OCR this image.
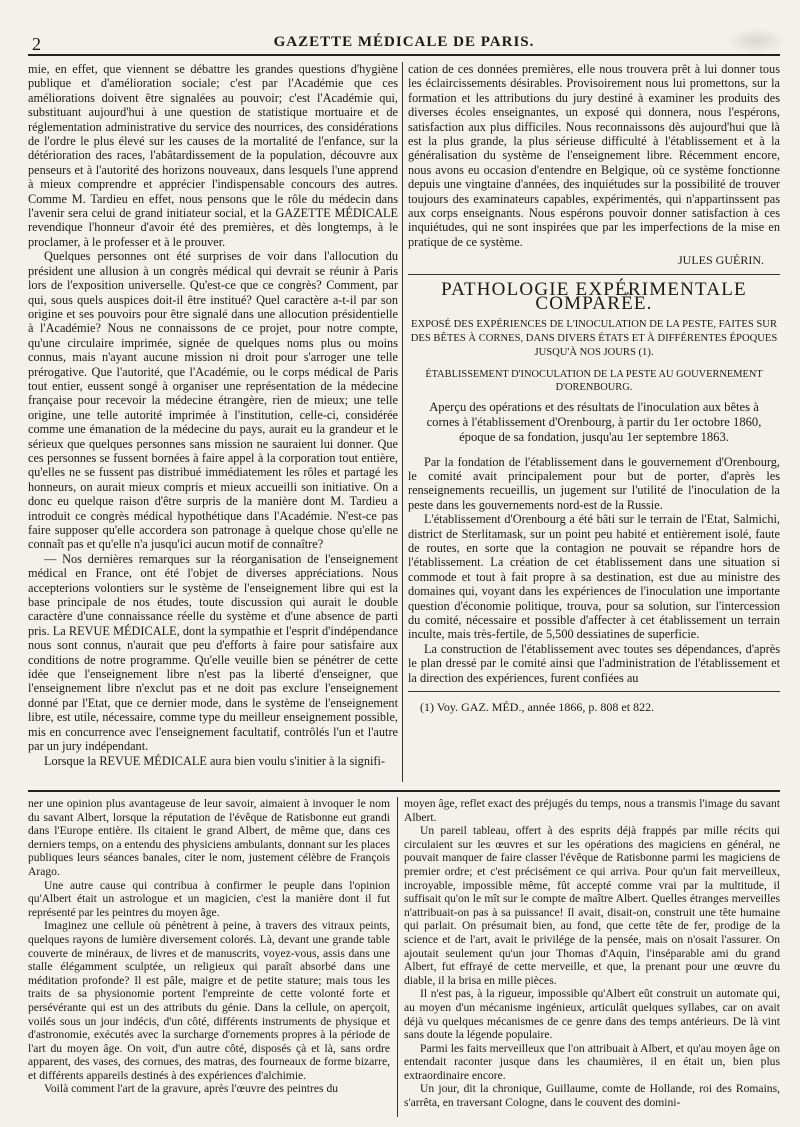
2	GAZETTE MÉDICALE DE PARIS.

mie, en effet, que viennent se débattre les grandes questions d'hygiène publique et d'amélioration sociale; c'est par l'Académie que ces améliorations doivent être signalées au pouvoir; c'est l'Académie qui, substituant aujourd'hui à une question de statistique mortuaire et de réglementation administrative du service des nourrices, des considérations de l'ordre le plus élevé sur les causes de la mortalité de l'enfance, sur la détérioration des races, l'abâtardissement de la population, découvre aux penseurs et à l'autorité des horizons nouveaux, dans lesquels l'une apprend à mieux comprendre et apprécier l'indispensable concours des autres. Comme M. Tardieu en effet, nous pensons que le rôle du médecin dans l'avenir sera celui de grand initiateur social, et la GAZETTE MÉDICALE revendique l'honneur d'avoir été des premières, et dès longtemps, à le proclamer, à le professer et à le prouver.

Quelques personnes ont été surprises de voir dans l'allocution du président une allusion à un congrès médical qui devrait se réunir à Paris lors de l'exposition universelle. Qu'est-ce que ce congrès? Comment, par qui, sous quels auspices doit-il être institué? Quel caractère a-t-il par son origine et ses pouvoirs pour être signalé dans une allocution présidentielle à l'Académie? Nous ne connaissons de ce projet, pour notre compte, qu'une circulaire imprimée, signée de quelques noms plus ou moins connus, mais n'ayant aucune mission ni droit pour s'arroger une telle prérogative. Que l'autorité, que l'Académie, ou le corps médical de Paris tout entier, eussent songé à organiser une représentation de la médecine française pour recevoir la médecine étrangère, rien de mieux; une telle origine, une telle autorité imprimée à l'institution, celle-ci, considérée comme une émanation de la médecine du pays, aurait eu la grandeur et le sérieux que quelques personnes sans mission ne sauraient lui donner. Que ces personnes se fussent bornées à faire appel à la corporation tout entière, qu'elles ne se fussent pas distribué immédiatement les rôles et partagé les honneurs, on aurait mieux compris et mieux accueilli son initiative. On a donc eu quelque raison d'être surpris de la manière dont M. Tardieu a introduit ce congrès médical hypothétique dans l'Académie. N'est-ce pas faire supposer qu'elle accordera son patronage à quelque chose qu'elle ne connaît pas et qu'elle n'a jusqu'ici aucun motif de connaître?

— Nos dernières remarques sur la réorganisation de l'enseignement médical en France, ont été l'objet de diverses appréciations. Nous accepterions volontiers sur le système de l'enseignement libre qui est la base principale de nos études, toute discussion qui aurait le double caractère d'une connaissance réelle du système et d'une absence de parti pris. La REVUE MÉDICALE, dont la sympathie et l'esprit d'indépendance nous sont connus, n'aurait que peu d'efforts à faire pour satisfaire aux conditions de notre programme. Qu'elle veuille bien se pénétrer de cette idée que l'enseignement libre n'est pas la liberté d'enseigner, que l'enseignement libre n'exclut pas et ne doit pas exclure l'enseignement donné par l'Etat, que ce dernier mode, dans le système de l'enseignement libre, est utile, nécessaire, comme type du meilleur enseignement possible, mis en concurrence avec l'enseignement facultatif, contrôlés l'un et l'autre par un jury indépendant.

Lorsque la REVUE MÉDICALE aura bien voulu s'initier à la signifi-

cation de ces données premières, elle nous trouvera prêt à lui donner tous les éclaircissements désirables. Provisoirement nous lui promettons, sur la formation et les attributions du jury destiné à examiner les produits des diverses écoles enseignantes, un exposé qui donnera, nous l'espérons, satisfaction aux plus difficiles. Nous reconnaissons dès aujourd'hui que là est la plus grande, la plus sérieuse difficulté à l'établissement et à la généralisation du système de l'enseignement libre. Récemment encore, nous avons eu occasion d'entendre en Belgique, où ce système fonctionne depuis une vingtaine d'années, des inquiétudes sur la possibilité de trouver toujours des examinateurs capables, expérimentés, qui n'appartinssent pas aux corps enseignants. Nous espérons pouvoir donner satisfaction à ces inquiétudes, qui ne sont inspirées que par les imperfections de la mise en pratique de ce système.

JULES GUÉRIN.
PATHOLOGIE EXPÉRIMENTALE COMPARÉE.
EXPOSÉ DES EXPÉRIENCES DE L'INOCULATION DE LA PESTE, FAITES SUR DES BÊTES À CORNES, DANS DIVERS ÉTATS ET À DIFFÉRENTES ÉPOQUES JUSQU'À NOS JOURS (1).
ÉTABLISSEMENT D'INOCULATION DE LA PESTE AU GOUVERNEMENT D'ORENBOURG.
Aperçu des opérations et des résultats de l'inoculation aux bêtes à cornes à l'établissement d'Orenbourg, à partir du 1er octobre 1860, époque de sa fondation, jusqu'au 1er septembre 1863.

Par la fondation de l'établissement dans le gouvernement d'Orenbourg, le comité avait principalement pour but de porter, d'après les renseignements recueillis, un jugement sur l'utilité de l'inoculation de la peste dans les gouvernements nord-est de la Russie.

L'établissement d'Orenbourg a été bâti sur le terrain de l'Etat, Salmichi, district de Sterlitamask, sur un point peu habité et entièrement isolé, faute de routes, en sorte que la contagion ne pouvait se répandre hors de l'établissement. La création de cet établissement dans une situation si commode et tout à fait propre à sa destination, est due au ministre des domaines qui, voyant dans les expériences de l'inoculation une importante question d'économie politique, trouva, pour sa solution, sur l'intercession du comité, nécessaire et possible d'affecter à cet établissement un terrain inculte, mais très-fertile, de 5,500 dessiatines de superficie.

La construction de l'établissement avec toutes ses dépendances, d'après le plan dressé par le comité ainsi que l'administration de l'établissement et la direction des expériences, furent confiées au

(1) Voy. GAZ. MÉD., année 1866, p. 808 et 822.

ner une opinion plus avantageuse de leur savoir, aimaient à invoquer le nom du savant Albert, lorsque la réputation de l'évêque de Ratisbonne eut grandi dans l'Europe entière. Ils citaient le grand Albert, de même que, dans ces derniers temps, on a entendu des physiciens ambulants, donnant sur les places publiques leurs séances banales, citer le nom, justement célèbre de François Arago.

Une autre cause qui contribua à confirmer le peuple dans l'opinion qu'Albert était un astrologue et un magicien, c'est la manière dont il fut représenté par les peintres du moyen âge.

Imaginez une cellule où pénètrent à peine, à travers des vitraux peints, quelques rayons de lumière diversement colorés. Là, devant une grande table couverte de minéraux, de livres et de manuscrits, voyez-vous, assis dans une stalle élégamment sculptée, un religieux qui paraît absorbé dans une méditation profonde? Il est pâle, maigre et de petite stature; mais tous les traits de sa physionomie portent l'empreinte de cette volonté forte et persévérante qui est un des attributs du génie. Dans la cellule, on aperçoit, voilés sous un jour indécis, d'un côté, différents instruments de physique et d'astronomie, exécutés avec la surcharge d'ornements propres à la période de l'art du moyen âge. On voit, d'un autre côté, disposés çà et là, sans ordre apparent, des vases, des cornues, des matras, des fourneaux de forme bizarre, et différents appareils destinés à des expériences d'alchimie.

Voilà comment l'art de la gravure, après l'œuvre des peintres du

moyen âge, reflet exact des préjugés du temps, nous a transmis l'image du savant Albert.

Un pareil tableau, offert à des esprits déjà frappés par mille récits qui circulaient sur les œuvres et sur les opérations des magiciens en général, ne pouvait manquer de faire classer l'évêque de Ratisbonne parmi les magiciens de premier ordre; et c'est précisément ce qui arriva. Pour qu'un fait merveilleux, incroyable, impossible même, fût accepté comme vrai par la multitude, il suffisait qu'on le mît sur le compte de maître Albert. Quelles étranges merveilles n'attribuait-on pas à sa puissance! Il avait, disait-on, construit une tête humaine qui parlait. On présumait bien, au fond, que cette tête de fer, prodige de la science et de l'art, avait le privilége de la pensée, mais on n'osait l'assurer. On ajoutait seulement qu'un jour Thomas d'Aquin, l'inséparable ami du grand Albert, fut effrayé de cette merveille, et que, la prenant pour une œuvre du diable, il la brisa en mille pièces.

Il n'est pas, à la rigueur, impossible qu'Albert eût construit un automate qui, au moyen d'un mécanisme ingénieux, articulât quelques syllabes, car on avait déjà vu quelques mécanismes de ce genre dans des temps antérieurs. De là vint sans doute la légende populaire.

Parmi les faits merveilleux que l'on attribuait à Albert, et qu'au moyen âge on entendait raconter jusque dans les chaumières, il en était un, bien plus extraordinaire encore.

Un jour, dit la chronique, Guillaume, comte de Hollande, roi des Romains, s'arrêta, en traversant Cologne, dans le couvent des domini-
